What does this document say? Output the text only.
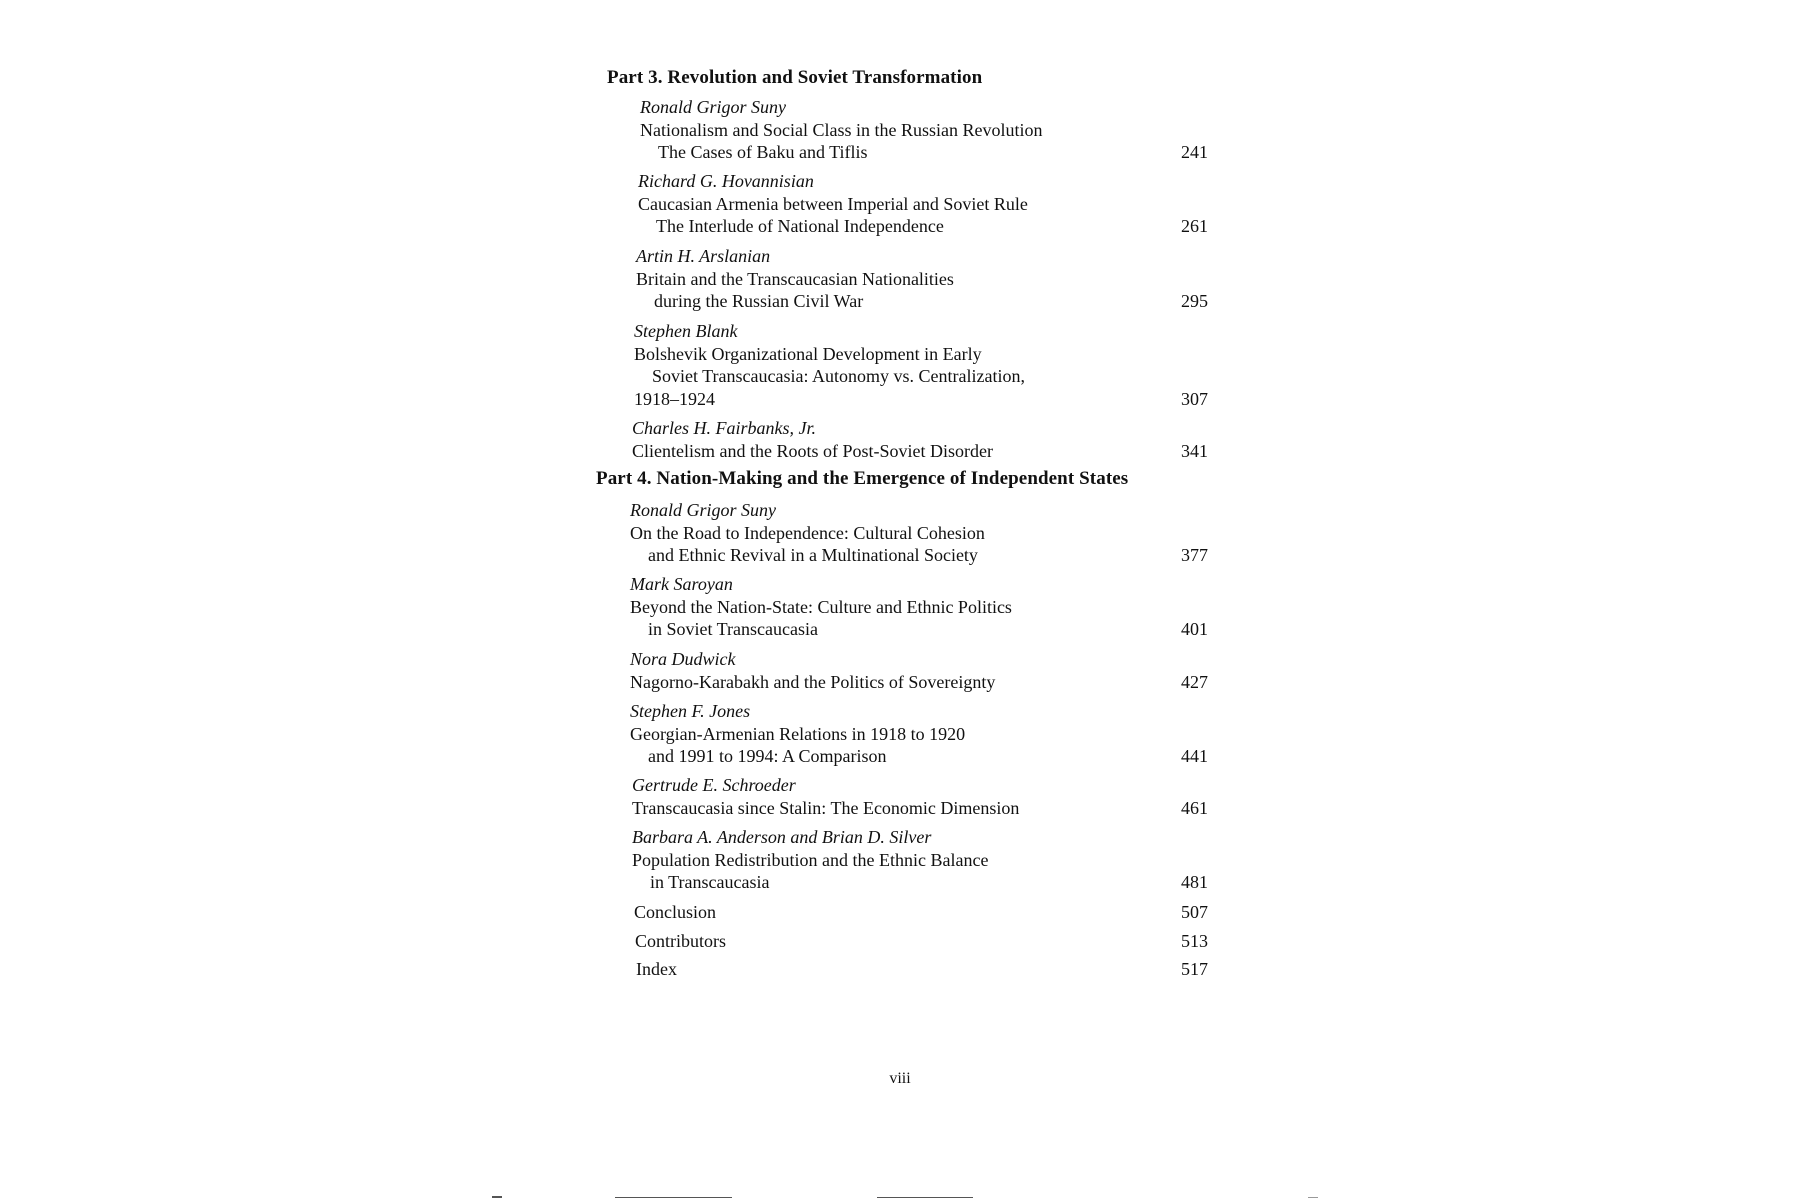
Part 3. Revolution and Soviet Transformation
Ronald Grigor Suny
Nationalism and Social Class in the Russian Revolution
The Cases of Baku and Tiflis	241
Richard G. Hovannisian
Caucasian Armenia between Imperial and Soviet Rule
The Interlude of National Independence	261
Artin H. Arslanian
Britain and the Transcaucasian Nationalities
during the Russian Civil War	295
Stephen Blank
Bolshevik Organizational Development in Early
Soviet Transcaucasia: Autonomy vs. Centralization,
1918–1924	307
Charles H. Fairbanks, Jr.
Clientelism and the Roots of Post-Soviet Disorder	341
Part 4. Nation-Making and the Emergence of Independent States
Ronald Grigor Suny
On the Road to Independence: Cultural Cohesion
and Ethnic Revival in a Multinational Society	377
Mark Saroyan
Beyond the Nation-State: Culture and Ethnic Politics
in Soviet Transcaucasia	401
Nora Dudwick
Nagorno-Karabakh and the Politics of Sovereignty	427
Stephen F. Jones
Georgian-Armenian Relations in 1918 to 1920
and 1991 to 1994: A Comparison	441
Gertrude E. Schroeder
Transcaucasia since Stalin: The Economic Dimension	461
Barbara A. Anderson and Brian D. Silver
Population Redistribution and the Ethnic Balance
in Transcaucasia	481
Conclusion	507
Contributors	513
Index	517
viii
